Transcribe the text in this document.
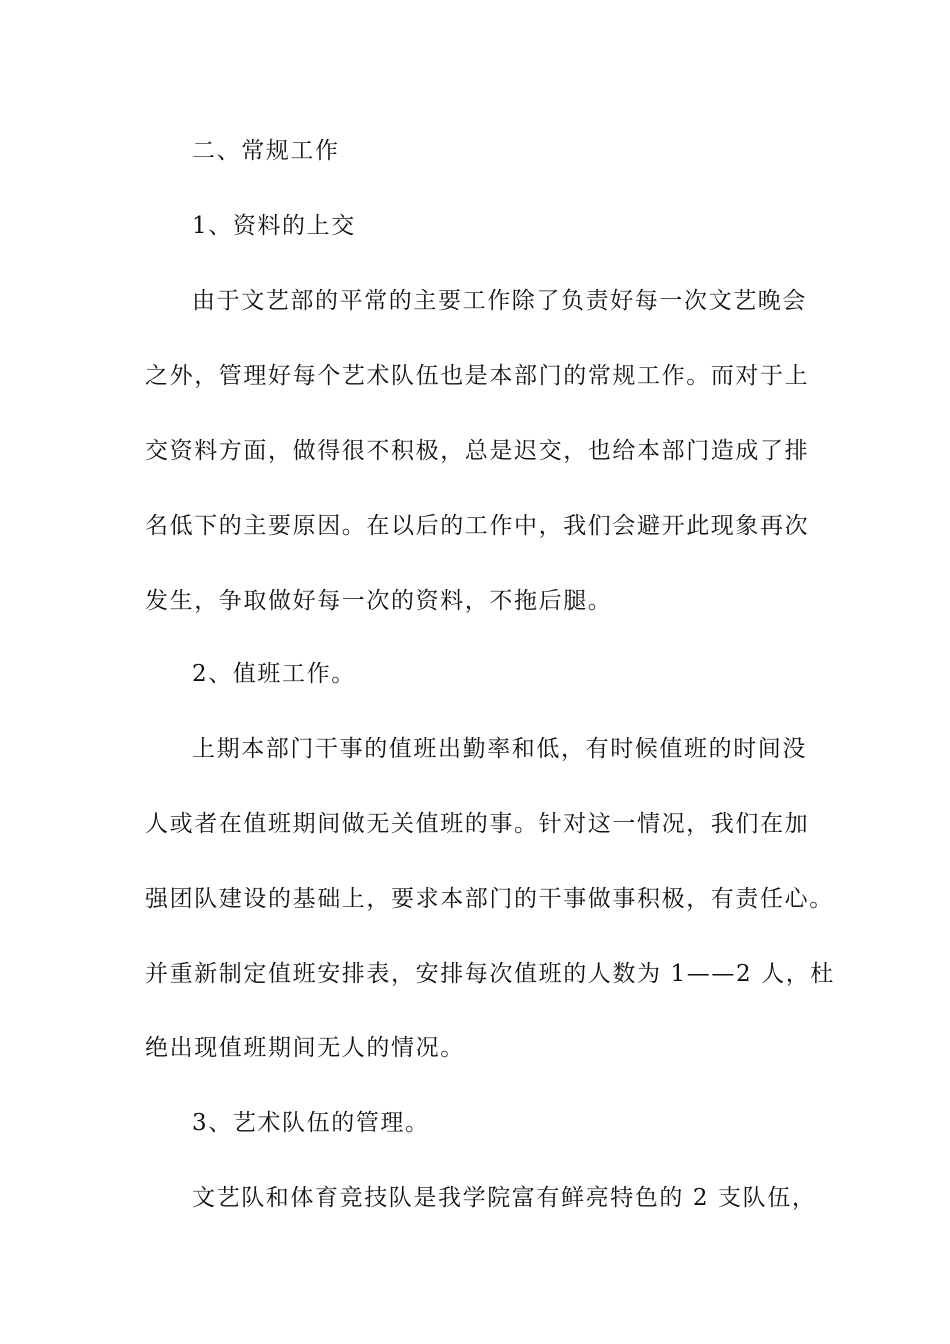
二、常规工作
1、资料的上交
由于文艺部的平常的主要工作除了负责好每一次文艺晚会
之外，管理好每个艺术队伍也是本部门的常规工作。而对于上
交资料方面，做得很不积极，总是迟交，也给本部门造成了排
名低下的主要原因。在以后的工作中，我们会避开此现象再次
发生，争取做好每一次的资料，不拖后腿。
2、值班工作。
上期本部门干事的值班出勤率和低，有时候值班的时间没
人或者在值班期间做无关值班的事。针对这一情况，我们在加
强团队建设的基础上，要求本部门的干事做事积极，有责任心。
并重新制定值班安排表，安排每次值班的人数为 1——2 人，杜
绝出现值班期间无人的情况。
3、艺术队伍的管理。
文艺队和体育竞技队是我学院富有鲜亮特色的 2 支队伍，
